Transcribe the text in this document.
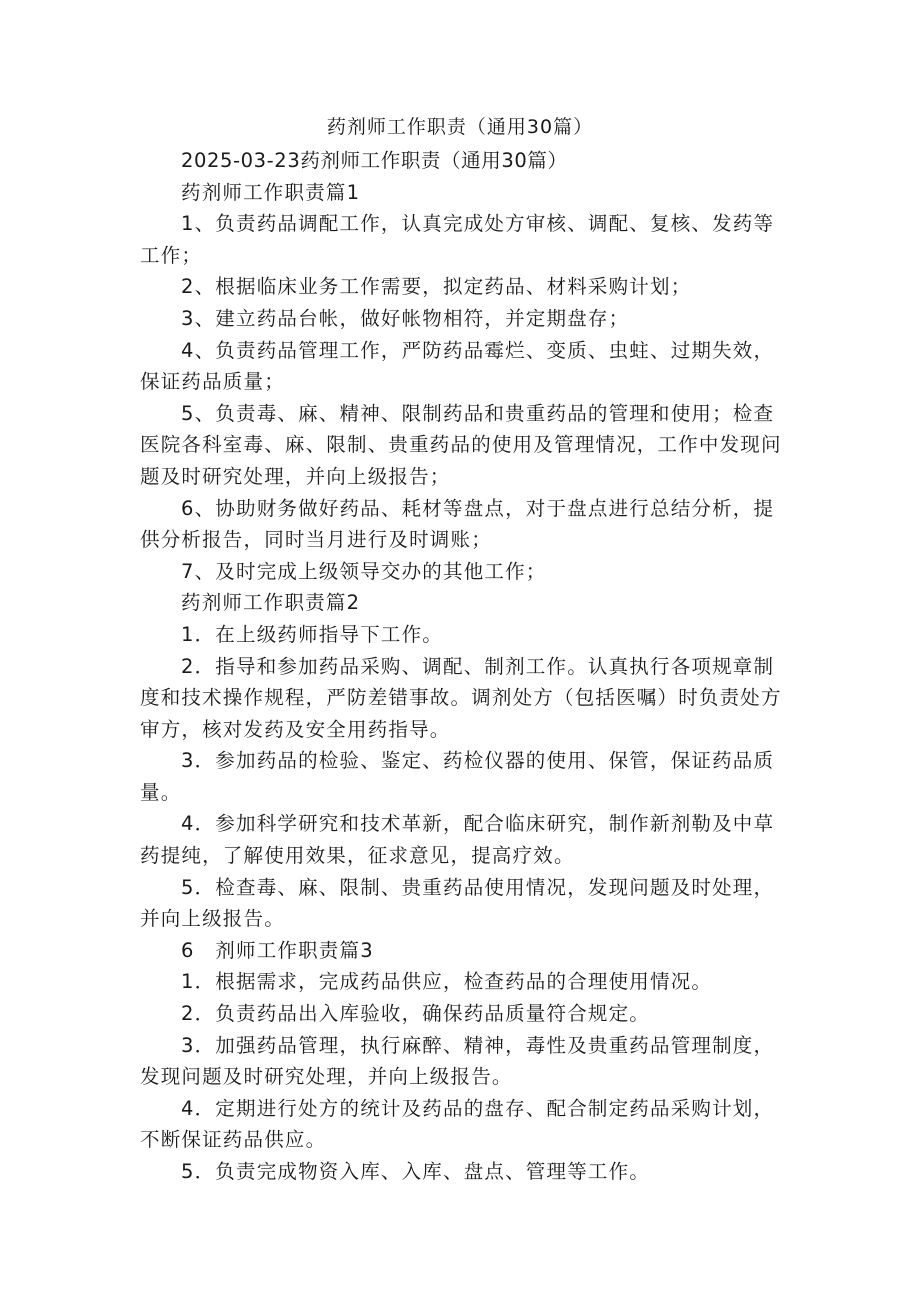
药剂师工作职责（通用30篇）

2025-03-23药剂师工作职责（通用30篇）

药剂师工作职责篇1

1、负责药品调配工作，认真完成处方审核、调配、复核、发药等工作；

2、根据临床业务工作需要，拟定药品、材料采购计划；

3、建立药品台帐，做好帐物相符，并定期盘存；

4、负责药品管理工作，严防药品霉烂、变质、虫蛀、过期失效，保证药品质量；

5、负责毒、麻、精神、限制药品和贵重药品的管理和使用；检查医院各科室毒、麻、限制、贵重药品的使用及管理情况，工作中发现问题及时研究处理，并向上级报告；

6、协助财务做好药品、耗材等盘点，对于盘点进行总结分析，提供分析报告，同时当月进行及时调账；

7、及时完成上级领导交办的其他工作；

药剂师工作职责篇2

1．在上级药师指导下工作。

2．指导和参加药品采购、调配、制剂工作。认真执行各项规章制度和技术操作规程，严防差错事故。调剂处方（包括医嘱）时负责处方审方，核对发药及安全用药指导。

3．参加药品的检验、鉴定、药检仪器的使用、保管，保证药品质量。

4．参加科学研究和技术革新，配合临床研究，制作新剂勒及中草药提纯，了解使用效果，征求意见，提高疗效。

5．检查毒、麻、限制、贵重药品使用情况，发现问题及时处理，并向上级报告。

6　剂师工作职责篇3

1．根据需求，完成药品供应，检查药品的合理使用情况。

2．负责药品出入库验收，确保药品质量符合规定。

3．加强药品管理，执行麻醉、精神，毒性及贵重药品管理制度，发现问题及时研究处理，并向上级报告。

4．定期进行处方的统计及药品的盘存、配合制定药品采购计划，不断保证药品供应。

5．负责完成物资入库、入库、盘点、管理等工作。
